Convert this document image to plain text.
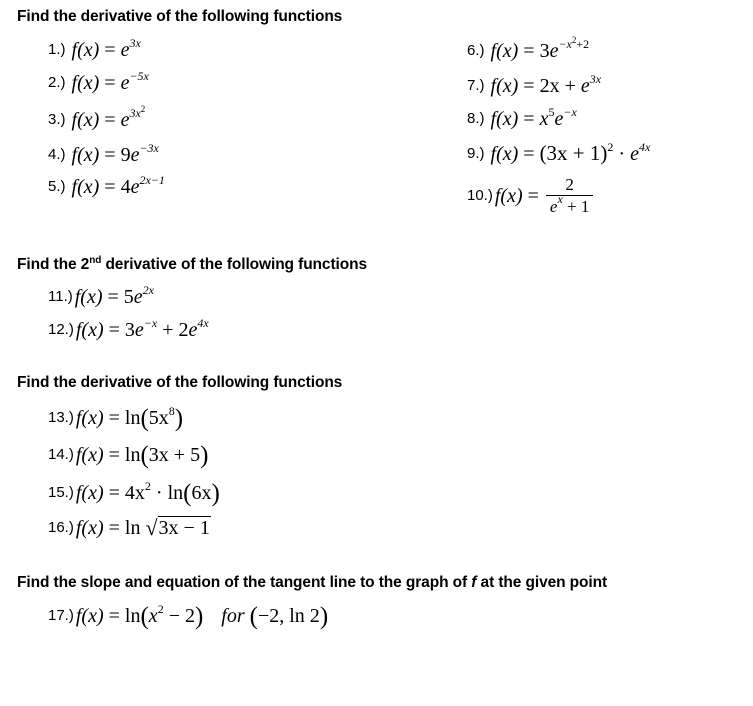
Find the derivative of the following functions
1.) $f(x) = e^{3x}$
2.) $f(x) = e^{-5x}$
3.) $f(x) = e^{3x^2}$
4.) $f(x) = 9e^{-3x}$
5.) $f(x) = 4e^{2x-1}$
6.) $f(x) = 3e^{-x^2+2}$
7.) $f(x) = 2x + e^{3x}$
8.) $f(x) = x^5e^{-x}$
9.) $f(x) = (3x + 1)^2 \cdot e^{4x}$
10.) $f(x) = \frac{2}{e^x + 1}$
Find the 2nd derivative of the following functions
11.) $f(x) = 5e^{2x}$
12.) $f(x) = 3e^{-x} + 2e^{4x}$
Find the derivative of the following functions
13.) $f(x) = \ln(5x^8)$
14.) f(x) = ln(3x + 5)
15.) $f(x) = 4x^2 \cdot \ln(6x)$
16.) f(x) = ln √3x − 1
Find the slope and equation of the tangent line to the graph of f at the given point
17.) $f(x) = \ln(x^2 - 2)$ for (−2, ln 2)
